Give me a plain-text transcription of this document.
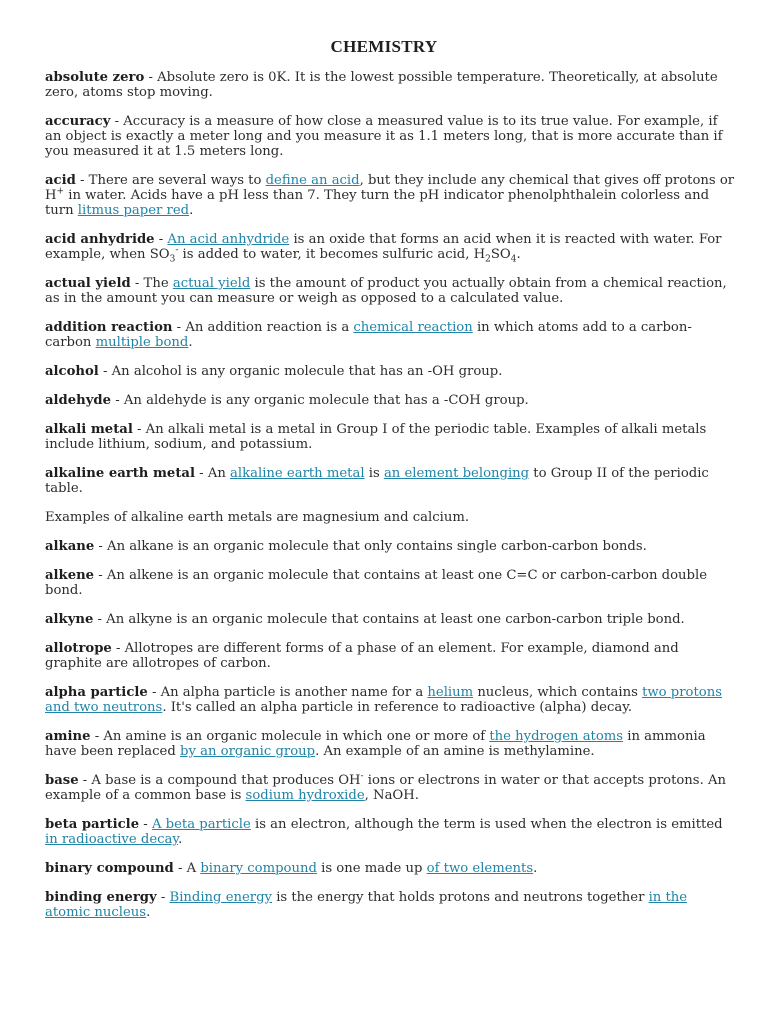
CHEMISTRY

absolute zero - Absolute zero is 0K. It is the lowest possible temperature. Theoretically, at absolute zero, atoms stop moving.

accuracy - Accuracy is a measure of how close a measured value is to its true value. For example, if an object is exactly a meter long and you measure it as 1.1 meters long, that is more accurate than if you measured it at 1.5 meters long.

acid - There are several ways to define an acid, but they include any chemical that gives off protons or H+ in water. Acids have a pH less than 7. They turn the pH indicator phenolphthalein colorless and turn litmus paper red.

acid anhydride - An acid anhydride is an oxide that forms an acid when it is reacted with water. For example, when $SO_3^-$ is added to water, it becomes sulfuric acid, $H_2SO_4$.

actual yield - The actual yield is the amount of product you actually obtain from a chemical reaction, as in the amount you can measure or weigh as opposed to a calculated value.

addition reaction - An addition reaction is a chemical reaction in which atoms add to a carbon-carbon multiple bond.

alcohol - An alcohol is any organic molecule that has an -OH group.

aldehyde - An aldehyde is any organic molecule that has a -COH group.

alkali metal - An alkali metal is a metal in Group I of the periodic table. Examples of alkali metals include lithium, sodium, and potassium.

alkaline earth metal - An alkaline earth metal is an element belonging to Group II of the periodic table.

Examples of alkaline earth metals are magnesium and calcium.

alkane - An alkane is an organic molecule that only contains single carbon-carbon bonds.

alkene - An alkene is an organic molecule that contains at least one C=C or carbon-carbon double bond.

alkyne - An alkyne is an organic molecule that contains at least one carbon-carbon triple bond.

allotrope - Allotropes are different forms of a phase of an element. For example, diamond and graphite are allotropes of carbon.

alpha particle - An alpha particle is another name for a helium nucleus, which contains two protons and two neutrons. It's called an alpha particle in reference to radioactive (alpha) decay.

amine - An amine is an organic molecule in which one or more of the hydrogen atoms in ammonia have been replaced by an organic group. An example of an amine is methylamine.

base - A base is a compound that produces OH- ions or electrons in water or that accepts protons. An example of a common base is sodium hydroxide, NaOH.

beta particle - A beta particle is an electron, although the term is used when the electron is emitted in radioactive decay.

binary compound - A binary compound is one made up of two elements.

binding energy - Binding energy is the energy that holds protons and neutrons together in the atomic nucleus.
